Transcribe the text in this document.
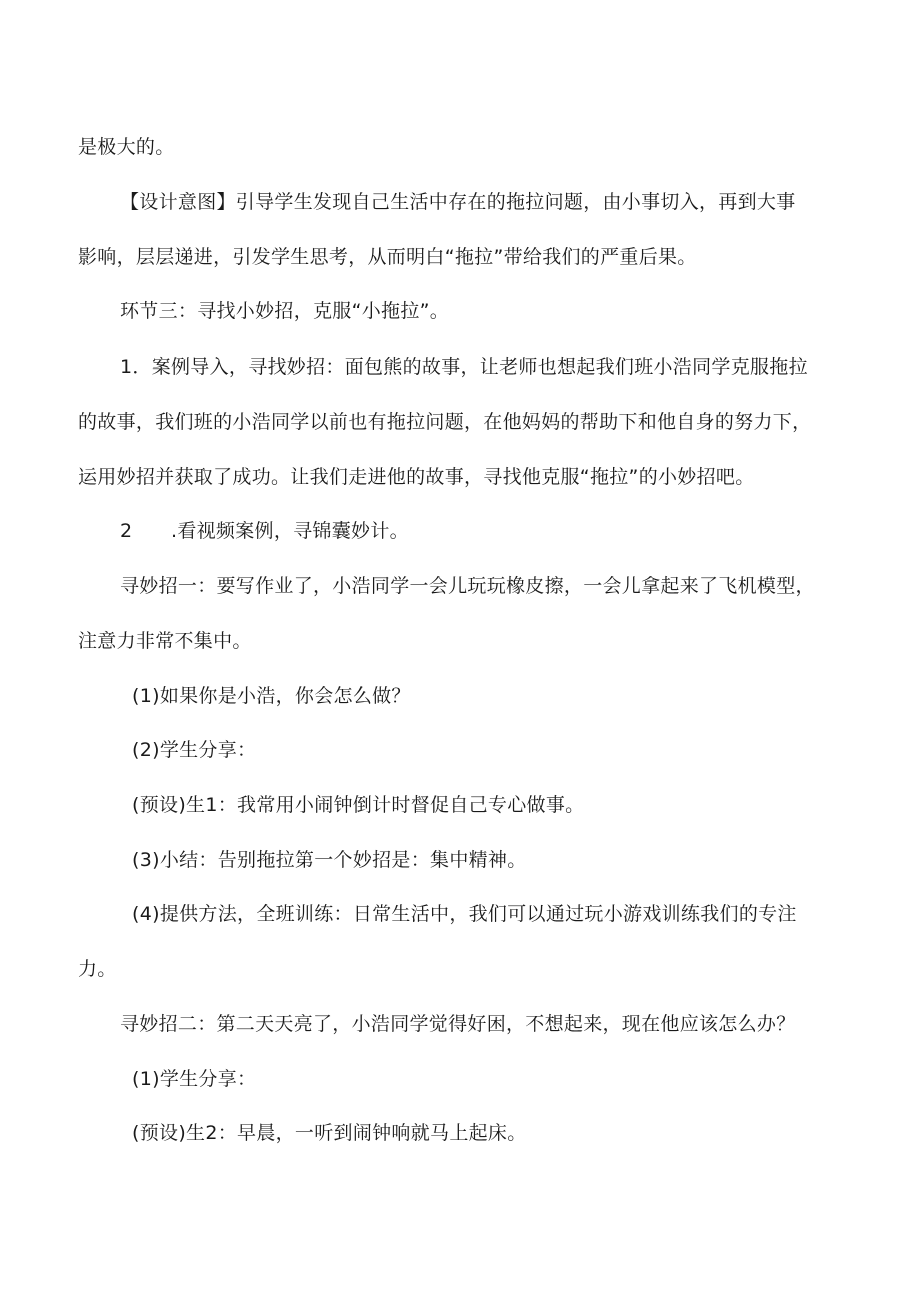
是极大的。
【设计意图】引导学生发现自己生活中存在的拖拉问题，由小事切入，再到大事
影响，层层递进，引发学生思考，从而明白“拖拉”带给我们的严重后果。
环节三：寻找小妙招，克服“小拖拉”。
1．案例导入，寻找妙招：面包熊的故事，让老师也想起我们班小浩同学克服拖拉
的故事，我们班的小浩同学以前也有拖拉问题，在他妈妈的帮助下和他自身的努力下，
运用妙招并获取了成功。让我们走进他的故事，寻找他克服“拖拉”的小妙招吧。
2　　.看视频案例，寻锦囊妙计。
寻妙招一：要写作业了，小浩同学一会儿玩玩橡皮擦，一会儿拿起来了飞机模型，
注意力非常不集中。
(1)如果你是小浩，你会怎么做？
(2)学生分享：
(预设)生1：我常用小闹钟倒计时督促自己专心做事。
(3)小结：告别拖拉第一个妙招是：集中精神。
(4)提供方法，全班训练：日常生活中，我们可以通过玩小游戏训练我们的专注
力。
寻妙招二：第二天天亮了，小浩同学觉得好困，不想起来，现在他应该怎么办？
(1)学生分享：
(预设)生2：早晨，一听到闹钟响就马上起床。
